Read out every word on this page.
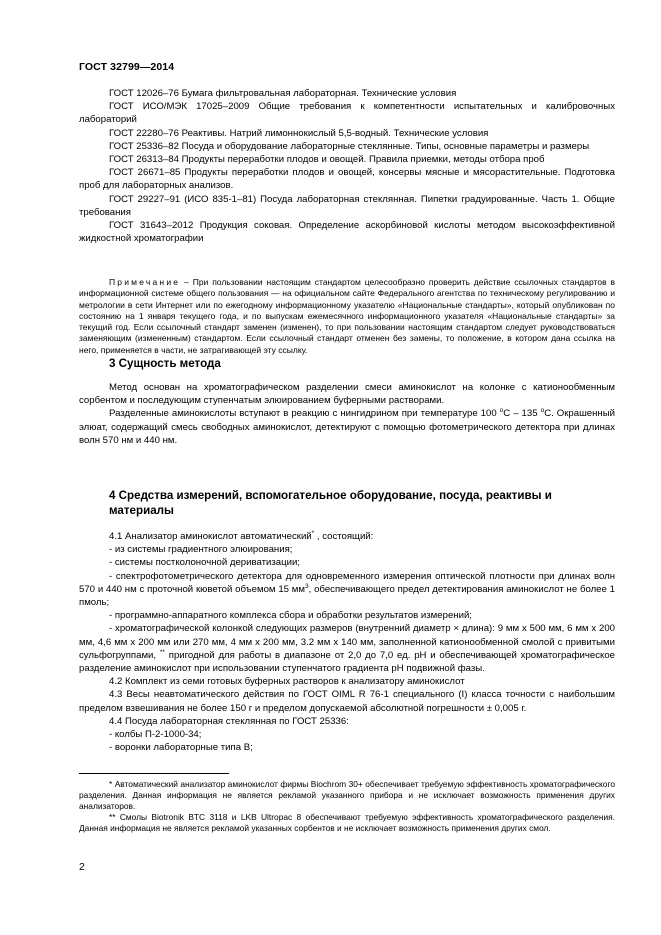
ГОСТ 32799—2014

ГОСТ 12026–76 Бумага фильтровальная лабораторная. Технические условия

ГОСТ ИСО/МЭК 17025–2009 Общие требования к компетентности испытательных и калибровочных лабораторий

ГОСТ 22280–76 Реактивы. Натрий лимоннокислый 5,5-водный. Технические условия

ГОСТ 25336–82 Посуда и оборудование лабораторные стеклянные. Типы, основные параметры и размеры

ГОСТ 26313–84 Продукты переработки плодов и овощей. Правила приемки, методы отбора проб

ГОСТ 26671–85 Продукты переработки плодов и овощей, консервы мясные и мясорастительные. Подготовка проб для лабораторных анализов.

ГОСТ 29227–91 (ИСО 835-1–81) Посуда лабораторная стеклянная. Пипетки градуированные. Часть 1. Общие требования

ГОСТ 31643–2012 Продукция соковая. Определение аскорбиновой кислоты методом высокоэффективной жидкостной хроматографии

Примечание – При пользовании настоящим стандартом целесообразно проверить действие ссылочных стандартов в информационной системе общего пользования — на официальном сайте Федерального агентства по техническому регулированию и метрологии в сети Интернет или по ежегодному информационному указателю «Национальные стандарты», который опубликован по состоянию на 1 января текущего года, и по выпускам ежемесячного информационного указателя «Национальные стандарты» за текущий год. Если ссылочный стандарт заменен (изменен), то при пользовании настоящим стандартом следует руководствоваться заменяющим (измененным) стандартом. Если ссылочный стандарт отменен без замены, то положение, в котором дана ссылка на него, применяется в части, не затрагивающей эту ссылку.

3 Сущность метода

Метод основан на хроматографическом разделении смеси аминокислот на колонке с катионообменным сорбентом и последующим ступенчатым элюированием буферными растворами.

Разделенные аминокислоты вступают в реакцию с нингидрином при температуре 100 $^о$С – 135 $^о$С. Окрашенный элюат, содержащий смесь свободных аминокислот, детектируют с помощью фотометрического детектора при длинах волн 570 нм и 440 нм.

4 Средства измерений, вспомогательное оборудование, посуда, реактивы и материалы

4.1 Анализатор аминокислот автоматический* , состоящий:

- из системы градиентного элюирования;

- системы постколоночной дериватизации;

- спектрофотометрического детектора для одновременного измерения оптической плотности при длинах волн 570 и 440 нм с проточной кюветой объемом 15 $мм^3$, обеспечивающего предел детектирования аминокислот не более 1 пмоль;

- программно-аппаратного комплекса сбора и обработки результатов измерений;

- хроматографической колонкой следующих размеров (внутренний диаметр × длина): 9 мм х 500 мм, 6 мм х 200 мм, 4,6 мм х 200 мм или 270 мм, 4 мм х 200 мм, 3.2 мм х 140 мм, заполненной катионообменной смолой с привитыми сульфогруппами, ** пригодной для работы в диапазоне от 2,0 до 7,0 ед. рН и обеспечивающей хроматографическое разделение аминокислот при использовании ступенчатого градиента рН подвижной фазы.

4.2 Комплект из семи готовых буферных растворов к анализатору аминокислот

4.3 Весы неавтоматического действия по ГОСТ OIML R 76-1 специального (I) класса точности с наибольшим пределом взвешивания не более 150 г и пределом допускаемой абсолютной погрешности ± 0,005 г.

4.4 Посуда лабораторная стеклянная по ГОСТ 25336:

- колбы П-2-1000-34;

- воронки лабораторные типа В;

* Автоматический анализатор аминокислот фирмы Biochrom 30+ обеспечивает требуемую эффективность хроматографического разделения. Данная информация не является рекламой указанного прибора и не исключает возможность применения других анализаторов.

** Смолы Biotronik BTC 3118 и LKB Ultropac 8 обеспечивают требуемую эффективность хроматографического разделения. Данная информация не является рекламой указанных сорбентов и не исключает возможность применения других смол.

2
